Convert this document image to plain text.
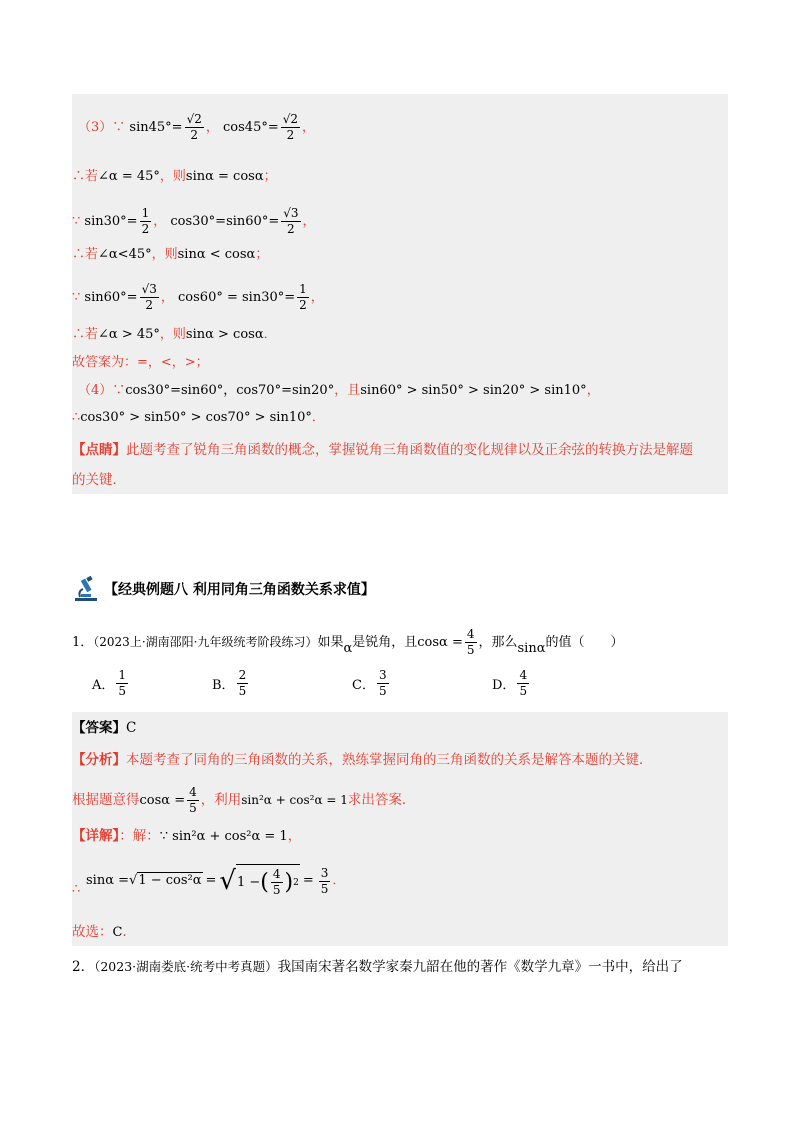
（3）∵ $\sin 45^\circ= \frac{√2}{2}$ ， $\cos 45^\circ= \frac{√2}{2}$ ，
∴若∠α = 45°，则sinα = cosα；
∵ $\sin 30^\circ= \frac{1}{2}$ ， $\cos 30^\circ=\sin 60^\circ= \frac{√3}{2}$ ，
∴若∠α<45°，则sinα < cosα；
∵ $\sin 60^\circ= \frac{√3}{2}$ ， $\cos 60^\circ = \sin 30^\circ= \frac{1}{2}$ ，
∴若∠α > 45°，则sinα > cosα．
故答案为：=，<，>；
（4）∵cos30°=sin60°，cos70°=sin20°，且sin60° > sin50° > sin20° > sin10°，
∴cos30° > sin50° > cos70° > sin10°．
【点睛】此题考查了锐角三角函数的概念，掌握锐角三角函数值的变化规律以及正余弦的转换方法是解题
的关键．
【经典例题八 利用同角三角函数关系求值】
1．（2023上·湖南邵阳·九年级统考阶段练习）如果α是锐角，且$\cos\alpha = \frac{4}{5}$ ，那么sinα的值（　　）
A． $\frac{1}{5}$	B． $\frac{2}{5}$	C． $\frac{3}{5}$	D． $\frac{4}{5}$
【答案】C
【分析】本题考查了同角的三角函数的关系，熟练掌握同角的三角函数的关系是解答本题的关键．
根据题意得$\cos\alpha = \frac{4}{5}$ ，利用sin²α + cos²α = 1求出答案．
【详解】：解：∵ sin²α + cos²α = 1，
∴
sinα = √1 − cos²α = √ 1 − ( $\frac{4}{5}$ ) $2 = \frac{3}{5}$ ．
故选：C．
2．（2023·湖南娄底·统考中考真题）我国南宋著名数学家秦九韶在他的著作《数学九章》一书中，给出了
